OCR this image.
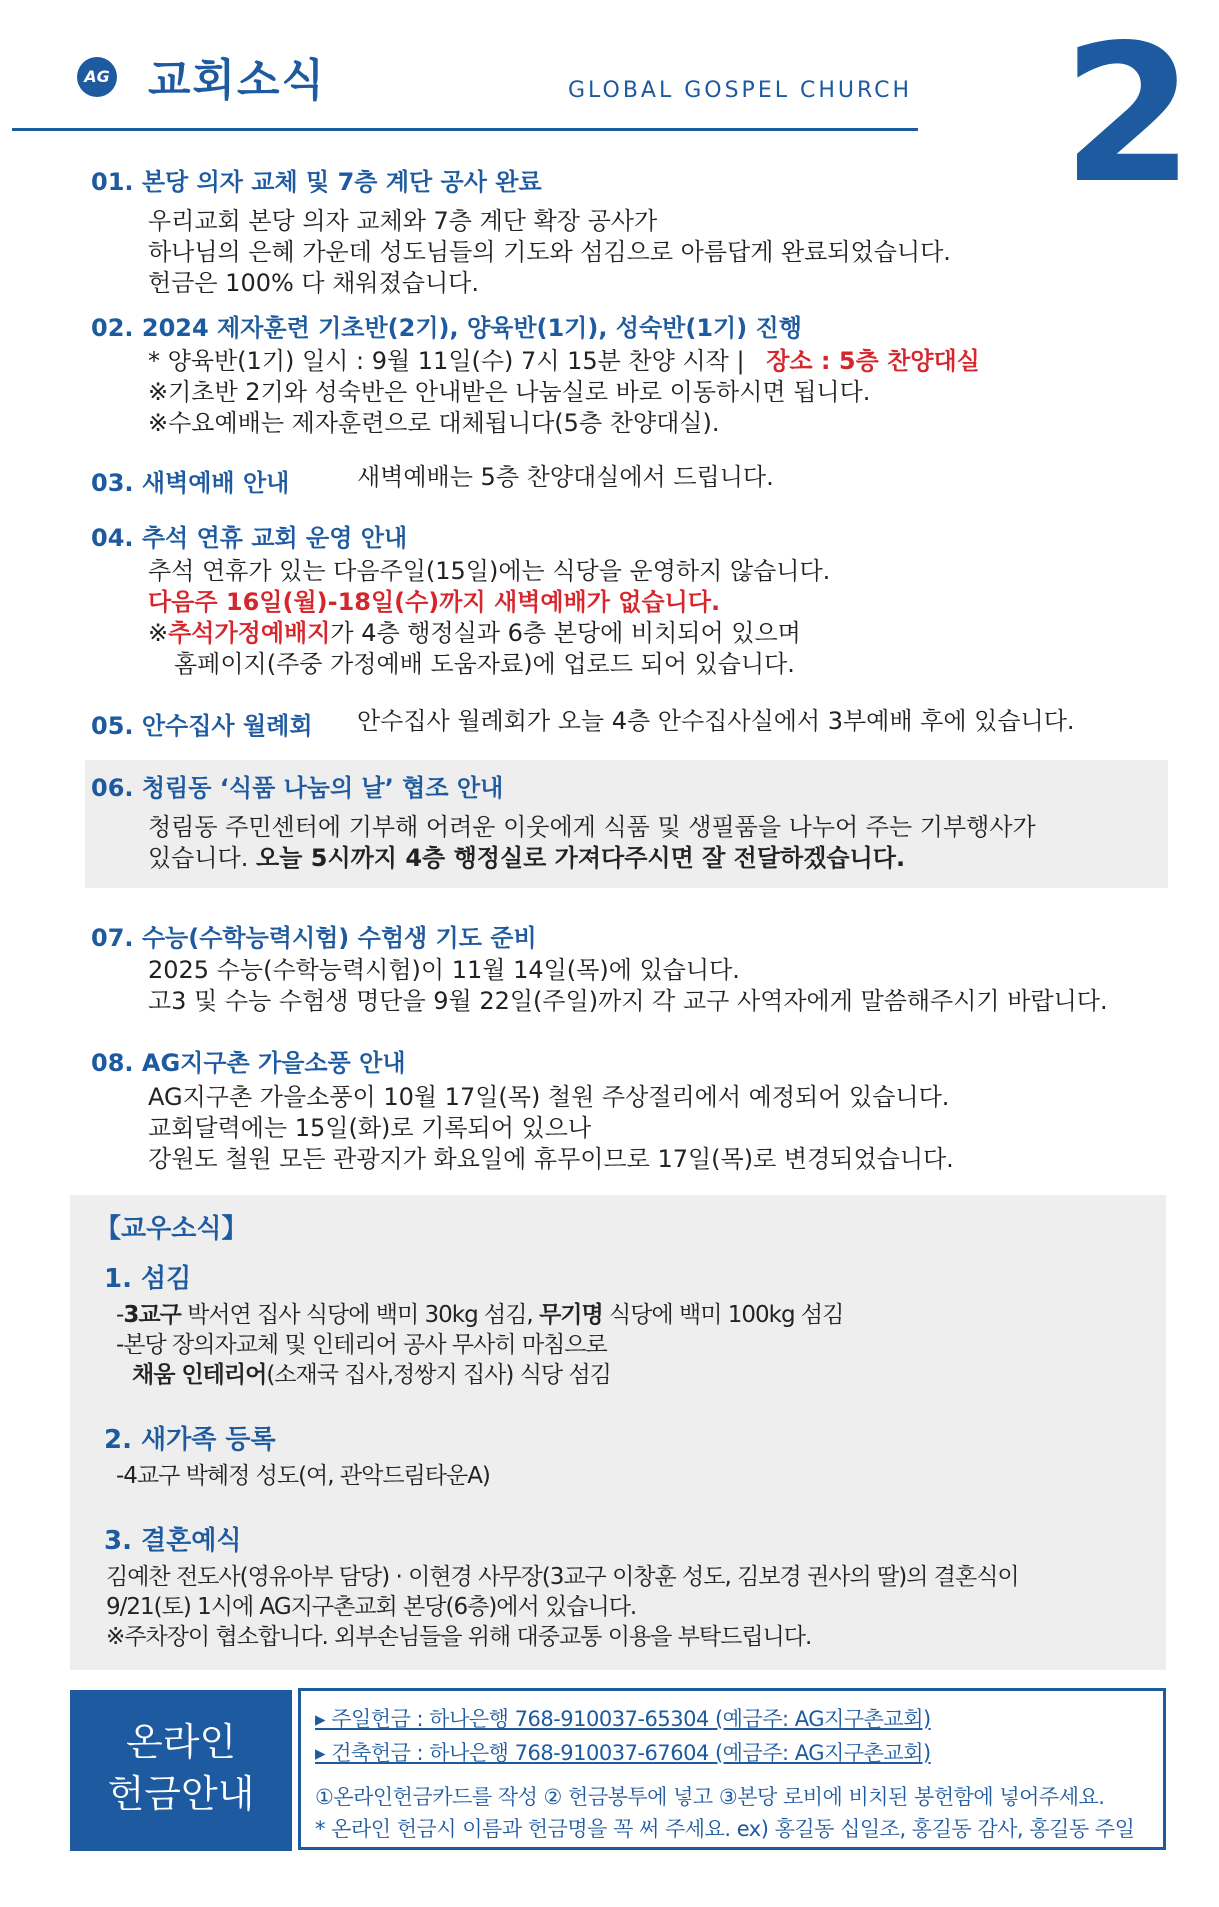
AG 교회소식	GLOBAL GOSPEL CHURCH 2
01. 본당 의자 교체 및 7층 계단 공사 완료
우리교회 본당 의자 교체와 7층 계단 확장 공사가
하나님의 은혜 가운데 성도님들의 기도와 섬김으로 아름답게 완료되었습니다.
헌금은 100% 다 채워졌습니다.
02. 2024 제자훈련 기초반(2기), 양육반(1기), 성숙반(1기) 진행
* 양육반(1기) 일시 : 9월 11일(수) 7시 15분 찬양 시작 | 장소 : 5층 찬양대실
※기초반 2기와 성숙반은 안내받은 나눔실로 바로 이동하시면 됩니다.
※수요예배는 제자훈련으로 대체됩니다(5층 찬양대실).
03. 새벽예배 안내	새벽예배는 5층 찬양대실에서 드립니다.
04. 추석 연휴 교회 운영 안내
추석 연휴가 있는 다음주일(15일)에는 식당을 운영하지 않습니다.
다음주 16일(월)-18일(수)까지 새벽예배가 없습니다.
※추석가정예배지가 4층 행정실과 6층 본당에 비치되어 있으며
홈페이지(주중 가정예배 도움자료)에 업로드 되어 있습니다.
05. 안수집사 월례회 안수집사 월례회가 오늘 4층 안수집사실에서 3부예배 후에 있습니다.
06. 청림동 ‘식품 나눔의 날’ 협조 안내
청림동 주민센터에 기부해 어려운 이웃에게 식품 및 생필품을 나누어 주는 기부행사가
있습니다. 오늘 5시까지 4층 행정실로 가져다주시면 잘 전달하겠습니다.
07. 수능(수학능력시험) 수험생 기도 준비
2025 수능(수학능력시험)이 11월 14일(목)에 있습니다.
고3 및 수능 수험생 명단을 9월 22일(주일)까지 각 교구 사역자에게 말씀해주시기 바랍니다.
08. AG지구촌 가을소풍 안내
AG지구촌 가을소풍이 10월 17일(목) 철원 주상절리에서 예정되어 있습니다.
교회달력에는 15일(화)로 기록되어 있으나
강원도 철원 모든 관광지가 화요일에 휴무이므로 17일(목)로 변경되었습니다.
【교우소식】
1. 섬김
-3교구 박서연 집사 식당에 백미 30kg 섬김, 무기명 식당에 백미 100kg 섬김
-본당 장의자교체 및 인테리어 공사 무사히 마침으로
채움 인테리어(소재국 집사,정쌍지 집사) 식당 섬김
2. 새가족 등록
-4교구 박혜정 성도(여, 관악드림타운A)
3. 결혼예식
김예찬 전도사(영유아부 담당) · 이현경 사무장(3교구 이창훈 성도, 김보경 권사의 딸)의 결혼식이
9/21(토) 1시에 AG지구촌교회 본당(6층)에서 있습니다.
※주차장이 협소합니다. 외부손님들을 위해 대중교통 이용을 부탁드립니다.
온라인
헌금안내
▸ 주일헌금 : 하나은행 768-910037-65304 (예금주: AG지구촌교회)
▸ 건축헌금 : 하나은행 768-910037-67604 (예금주: AG지구촌교회)
①온라인헌금카드를 작성 ② 헌금봉투에 넣고 ③본당 로비에 비치된 봉헌함에 넣어주세요.
* 온라인 헌금시 이름과 헌금명을 꼭 써 주세요. ex) 홍길동 십일조, 홍길동 감사, 홍길동 주일
